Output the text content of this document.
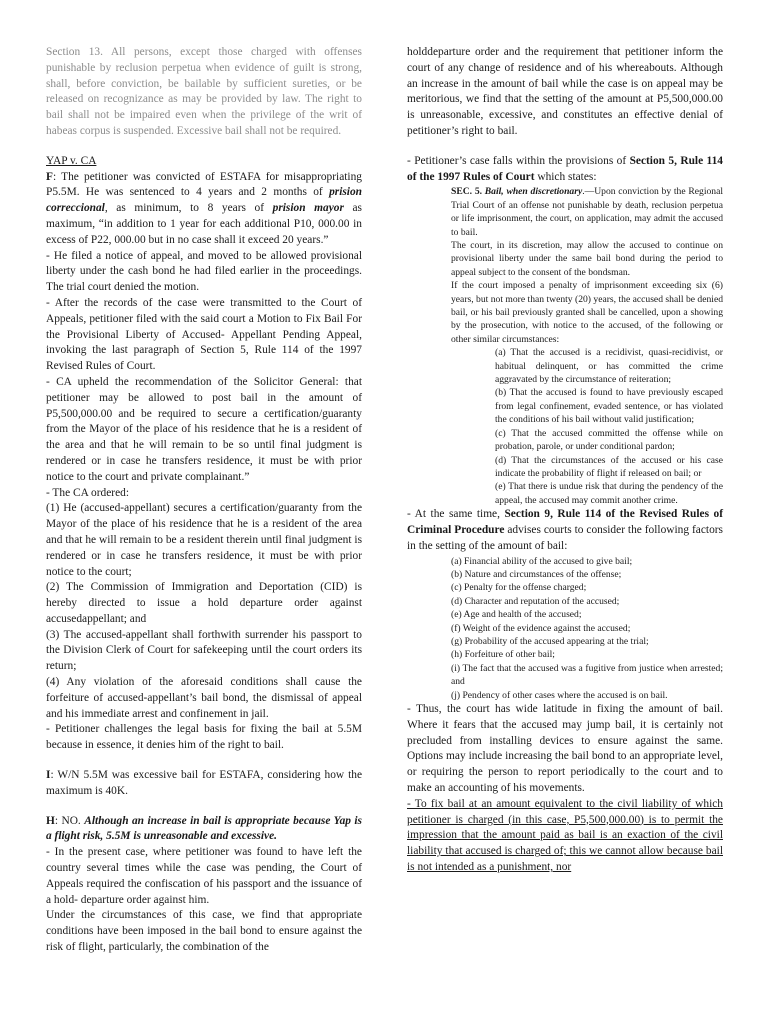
Section 13. All persons, except those charged with offenses punishable by reclusion perpetua when evidence of guilt is strong, shall, before conviction, be bailable by sufficient sureties, or be released on recognizance as may be provided by law. The right to bail shall not be impaired even when the privilege of the writ of habeas corpus is suspended. Excessive bail shall not be required.

YAP v. CA

F: The petitioner was convicted of ESTAFA for misappropriating P5.5M. He was sentenced to 4 years and 2 months of prision correccional, as minimum, to 8 years of prision mayor as maximum, “in addition to 1 year for each additional P10, 000.00 in excess of P22, 000.00 but in no case shall it exceed 20 years.”

- He filed a notice of appeal, and moved to be allowed provisional liberty under the cash bond he had filed earlier in the proceedings. The trial court denied the motion.

- After the records of the case were transmitted to the Court of Appeals, petitioner filed with the said court a Motion to Fix Bail For the Provisional Liberty of Accused- Appellant Pending Appeal, invoking the last paragraph of Section 5, Rule 114 of the 1997 Revised Rules of Court.

- CA upheld the recommendation of the Solicitor General: that petitioner may be allowed to post bail in the amount of P5,500,000.00 and be required to secure a certification/guaranty from the Mayor of the place of his residence that he is a resident of the area and that he will remain to be so until final judgment is rendered or in case he transfers residence, it must be with prior notice to the court and private complainant.”

- The CA ordered:

(1) He (accused-appellant) secures a certification/guaranty from the Mayor of the place of his residence that he is a resident of the area and that he will remain to be a resident therein until final judgment is rendered or in case he transfers residence, it must be with prior notice to the court;

(2) The Commission of Immigration and Deportation (CID) is hereby directed to issue a hold departure order against accusedappellant; and

(3) The accused-appellant shall forthwith surrender his passport to the Division Clerk of Court for safekeeping until the court orders its return;

(4) Any violation of the aforesaid conditions shall cause the forfeiture of accused-appellant’s bail bond, the dismissal of appeal and his immediate arrest and confinement in jail.

- Petitioner challenges the legal basis for fixing the bail at 5.5M because in essence, it denies him of the right to bail.

I: W/N 5.5M was excessive bail for ESTAFA, considering how the maximum is 40K.

H: NO. Although an increase in bail is appropriate because Yap is a flight risk, 5.5M is unreasonable and excessive.

- In the present case, where petitioner was found to have left the country several times while the case was pending, the Court of Appeals required the confiscation of his passport and the issuance of a hold- departure order against him.

Under the circumstances of this case, we find that appropriate conditions have been imposed in the bail bond to ensure against the risk of flight, particularly, the combination of the

holddeparture order and the requirement that petitioner inform the court of any change of residence and of his whereabouts. Although an increase in the amount of bail while the case is on appeal may be meritorious, we find that the setting of the amount at P5,500,000.00 is unreasonable, excessive, and constitutes an effective denial of petitioner’s right to bail.

- Petitioner’s case falls within the provisions of Section 5, Rule 114 of the 1997 Rules of Court which states:

SEC. 5. Bail, when discretionary.—Upon conviction by the Regional Trial Court of an offense not punishable by death, reclusion perpetua or life imprisonment, the court, on application, may admit the accused to bail.

The court, in its discretion, may allow the accused to continue on provisional liberty under the same bail bond during the period to appeal subject to the consent of the bondsman.

If the court imposed a penalty of imprisonment exceeding six (6) years, but not more than twenty (20) years, the accused shall be denied bail, or his bail previously granted shall be cancelled, upon a showing by the prosecution, with notice to the accused, of the following or other similar circumstances:

(a) That the accused is a recidivist, quasi-recidivist, or habitual delinquent, or has committed the crime aggravated by the circumstance of reiteration;

(b) That the accused is found to have previously escaped from legal confinement, evaded sentence, or has violated the conditions of his bail without valid justification;

(c) That the accused committed the offense while on probation, parole, or under conditional pardon;

(d) That the circumstances of the accused or his case indicate the probability of flight if released on bail; or

(e) That there is undue risk that during the pendency of the appeal, the accused may commit another crime.

- At the same time, Section 9, Rule 114 of the Revised Rules of Criminal Procedure advises courts to consider the following factors in the setting of the amount of bail:

(a) Financial ability of the accused to give bail;

(b) Nature and circumstances of the offense;

(c) Penalty for the offense charged;

(d) Character and reputation of the accused;

(e) Age and health of the accused;

(f) Weight of the evidence against the accused;

(g) Probability of the accused appearing at the trial;

(h) Forfeiture of other bail;

(i) The fact that the accused was a fugitive from justice when arrested; and

(j) Pendency of other cases where the accused is on bail.

- Thus, the court has wide latitude in fixing the amount of bail. Where it fears that the accused may jump bail, it is certainly not precluded from installing devices to ensure against the same. Options may include increasing the bail bond to an appropriate level, or requiring the person to report periodically to the court and to make an accounting of his movements.

- To fix bail at an amount equivalent to the civil liability of which petitioner is charged (in this case, P5,500,000.00) is to permit the impression that the amount paid as bail is an exaction of the civil liability that accused is charged of; this we cannot allow because bail is not intended as a punishment, nor
